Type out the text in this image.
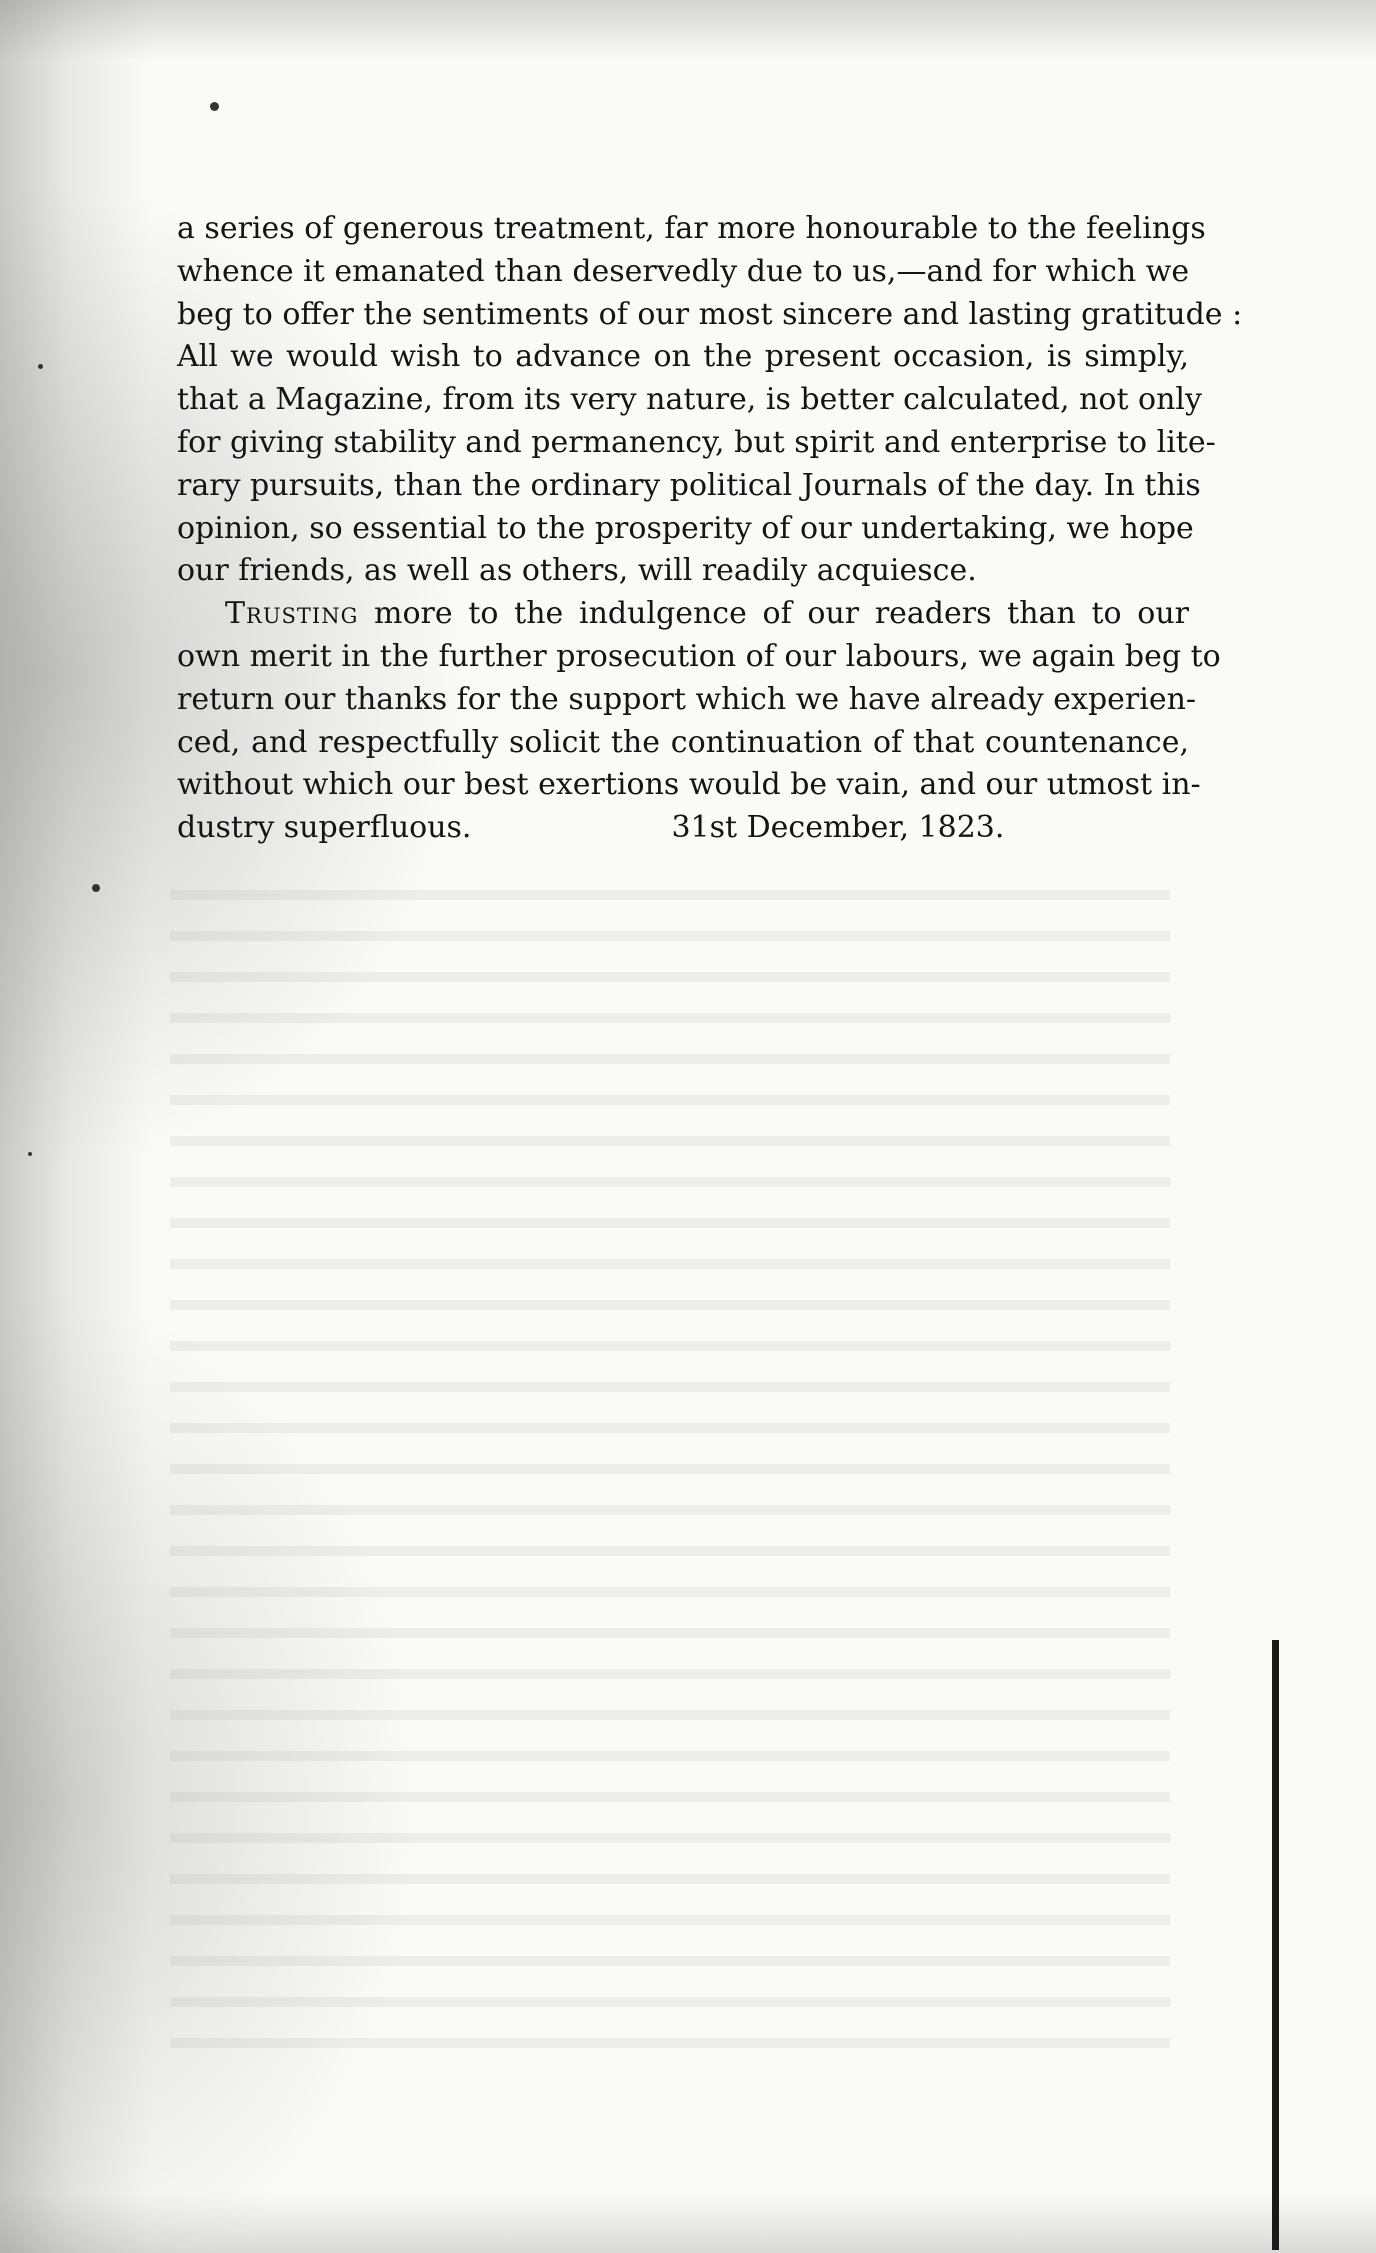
a series of generous treatment, far more honourable to the feelings
whence it emanated than deservedly due to us,—and for which we
beg to offer the sentiments of our most sincere and lasting gratitude :
All we would wish to advance on the present occasion, is simply,
that a Magazine, from its very nature, is better calculated, not only
for giving stability and permanency, but spirit and enterprise to lite-
rary pursuits, than the ordinary political Journals of the day. In this
opinion, so essential to the prosperity of our undertaking, we hope
our friends, as well as others, will readily acquiesce.

Trusting more to the indulgence of our readers than to our
own merit in the further prosecution of our labours, we again beg to
return our thanks for the support which we have already experien-
ced, and respectfully solicit the continuation of that countenance,
without which our best exertions would be vain, and our utmost in-
dustry superfluous.	31st December, 1823.
